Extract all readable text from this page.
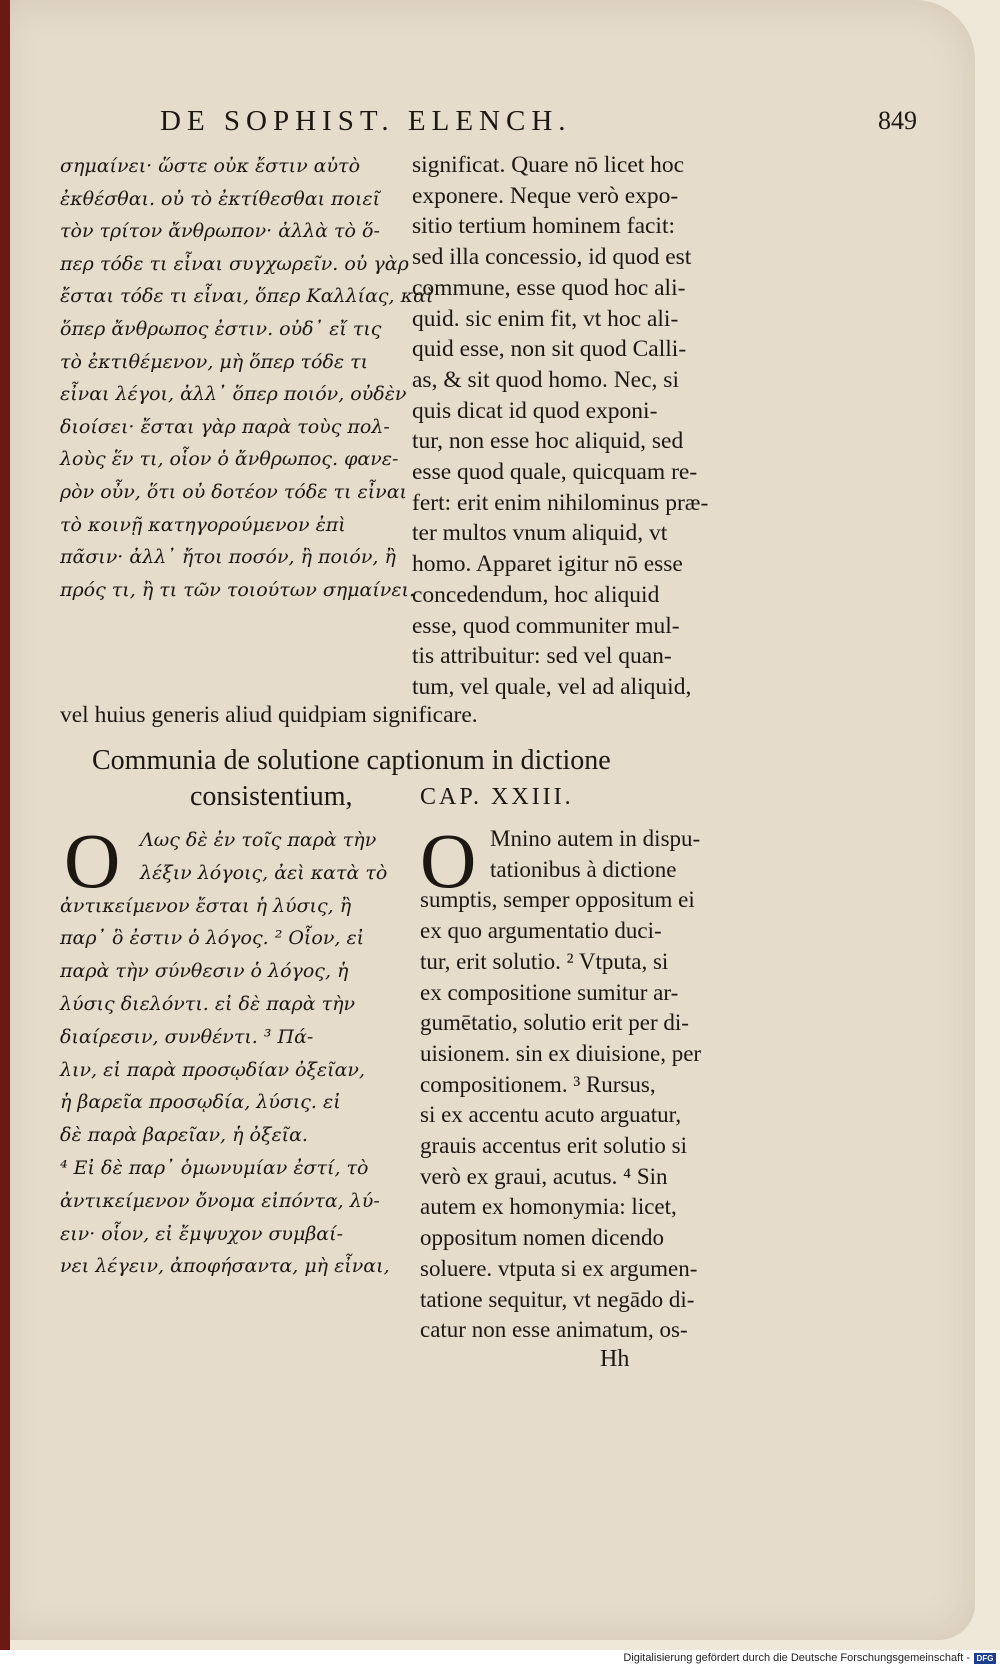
DE SOPHIST. ELENCH.	849
σημαίνει· ὥστε οὐκ ἔστιν αὐτὸ
ἐκθέσθαι. οὐ τὸ ἐκτίθεσθαι ποιεῖ
τὸν τρίτον ἄνθρωπον· ἀλλὰ τὸ ὅ-
περ τόδε τι εἶναι συγχωρεῖν. οὐ γὰρ
ἔσται τόδε τι εἶναι, ὅπερ Καλλίας, καὶ
ὅπερ ἄνθρωπος ἐστιν. οὐδ᾽ εἴ τις
τὸ ἐκτιθέμενον, μὴ ὅπερ τόδε τι
εἶναι λέγοι, ἀλλ᾽ ὅπερ ποιόν, οὐδὲν
διοίσει· ἔσται γὰρ παρὰ τοὺς πολ-
λοὺς ἕν τι, οἷον ὁ ἄνθρωπος. φανε-
ρὸν οὖν, ὅτι οὐ δοτέον τόδε τι εἶναι
τὸ κοινῇ κατηγορούμενον ἐπὶ
πᾶσιν· ἀλλ᾽ ἤτοι ποσόν, ἢ ποιόν, ἢ
πρός τι, ἢ τι τῶν τοιούτων σημαίνει.
significat. Quare nō licet hoc
exponere. Neque verò expo-
sitio tertium hominem facit:
sed illa concessio, id quod est
commune, esse quod hoc ali-
quid. sic enim fit, vt hoc ali-
quid esse, non sit quod Calli-
as, & sit quod homo. Nec, si
quis dicat id quod exponi-
tur, non esse hoc aliquid, sed
esse quod quale, quicquam re-
fert: erit enim nihilominus præ-
ter multos vnum aliquid, vt
homo. Apparet igitur nō esse
concedendum, hoc aliquid
esse, quod communiter mul-
tis attribuitur: sed vel quan-
tum, vel quale, vel ad aliquid,
vel huius generis aliud quidpiam significare.
Communia de solutione captionum in dictione
consistentium,	CAP. XXIII.
O	Λως δὲ ἐν τοῖς παρὰ τὴν
λέξιν λόγοις, ἀεὶ κατὰ τὸ
ἀντικείμενον ἔσται ἡ λύσις, ἢ
παρ᾽ ὃ ἐστιν ὁ λόγος. ² Οἷον, εἰ
παρὰ τὴν σύνθεσιν ὁ λόγος, ἡ
λύσις διελόντι. εἰ δὲ παρὰ τὴν
διαίρεσιν, συνθέντι. ³ Πά-
λιν, εἰ παρὰ προσῳδίαν ὀξεῖαν,
ἡ βαρεῖα προσῳδία, λύσις. εἰ
δὲ παρὰ βαρεῖαν, ἡ ὀξεῖα.
⁴ Εἰ δὲ παρ᾽ ὁμωνυμίαν ἐστί, τὸ
ἀντικείμενον ὄνομα εἰπόντα, λύ-
ειν· οἷον, εἰ ἔμψυχον συμβαί-
νει λέγειν, ἀποφήσαντα, μὴ εἶναι,
O Mnino autem in dispu-
tationibus à dictione
sumptis, semper oppositum ei
ex quo argumentatio duci-
tur, erit solutio. ² Vtputa, si
ex compositione sumitur ar-
gumētatio, solutio erit per di-
uisionem. sin ex diuisione, per
compositionem. ³ Rursus,
si ex accentu acuto arguatur,
grauis accentus erit solutio si
verò ex graui, acutus. ⁴ Sin
autem ex homonymia: licet,
oppositum nomen dicendo
soluere. vtputa si ex argumen-
tatione sequitur, vt negādo di-
catur non esse animatum, os-
Hh
Digitalisierung gefördert durch die Deutsche Forschungsgemeinschaft - DFG
